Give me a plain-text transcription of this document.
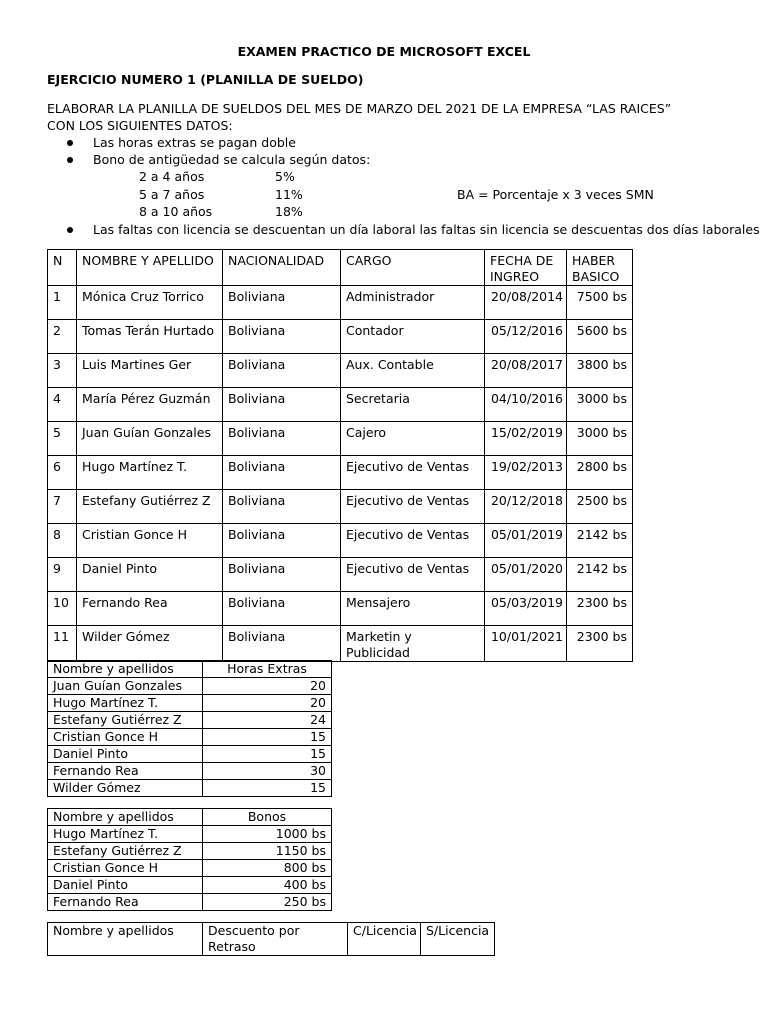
EXAMEN PRACTICO DE MICROSOFT EXCEL
EJERCICIO NUMERO 1 (PLANILLA DE SUELDO)
ELABORAR LA PLANILLA DE SUELDOS DEL MES DE MARZO DEL 2021 DE LA EMPRESA “LAS RAICES”
CON LOS SIGUIENTES DATOS:
Las horas extras se pagan doble
Bono de antigüedad se calcula según datos:
2 a 4 años	5%
5 a 7 años	11%	BA = Porcentaje x 3 veces SMN
8 a 10 años	18%
Las faltas con licencia se descuentan un día laboral las faltas sin licencia se descuentas dos días laborales
N	NOMBRE Y APELLIDO	NACIONALIDAD	CARGO	FECHA DE INGREO	HABER BASICO
1	Mónica Cruz Torrico	Boliviana	Administrador	20/08/2014	7500 bs
2	Tomas Terán Hurtado	Boliviana	Contador	05/12/2016	5600 bs
3	Luis Martines Ger	Boliviana	Aux. Contable	20/08/2017	3800 bs
4	María Pérez Guzmán	Boliviana	Secretaria	04/10/2016	3000 bs
5	Juan Guían Gonzales	Boliviana	Cajero	15/02/2019	3000 bs
6	Hugo Martínez T.	Boliviana	Ejecutivo de Ventas	19/02/2013	2800 bs
7	Estefany Gutiérrez Z	Boliviana	Ejecutivo de Ventas	20/12/2018	2500 bs
8	Cristian Gonce H	Boliviana	Ejecutivo de Ventas	05/01/2019	2142 bs
9	Daniel Pinto	Boliviana	Ejecutivo de Ventas	05/01/2020	2142 bs
10	Fernando Rea	Boliviana	Mensajero	05/03/2019	2300 bs
11	Wilder Gómez	Boliviana	Marketin y Publicidad	10/01/2021	2300 bs
Nombre y apellidos	Horas Extras
Juan Guían Gonzales	20
Hugo Martínez T.	20
Estefany Gutiérrez Z	24
Cristian Gonce H	15
Daniel Pinto	15
Fernando Rea	30
Wilder Gómez	15
Nombre y apellidos	Bonos
Hugo Martínez T.	1000 bs
Estefany Gutiérrez Z	1150 bs
Cristian Gonce H	800 bs
Daniel Pinto	400 bs
Fernando Rea	250 bs
Nombre y apellidos	Descuento por Retraso	C/Licencia	S/Licencia
